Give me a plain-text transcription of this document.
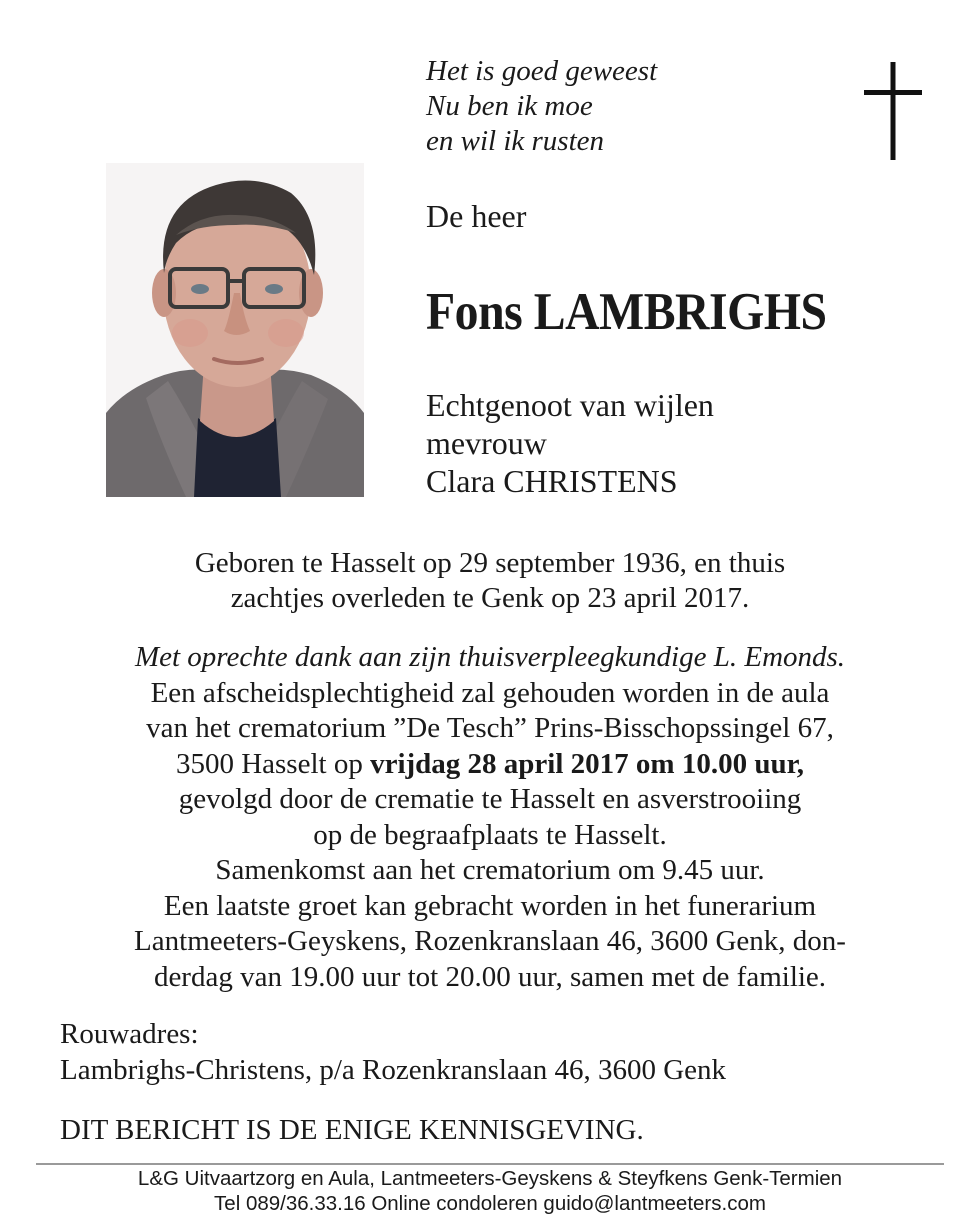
Het is goed geweest
Nu ben ik moe
en wil ik rusten
De heer
Fons LAMBRIGHS
Echtgenoot van wijlen
mevrouw
Clara CHRISTENS
Geboren te Hasselt op 29 september 1936, en thuis
zachtjes overleden te Genk op 23 april 2017.
Met oprechte dank aan zijn thuisverpleegkundige L. Emonds.
Een afscheidsplechtigheid zal gehouden worden in de aula
van het crematorium ”De Tesch” Prins-Bisschopssingel 67,
3500 Hasselt op vrijdag 28 april 2017 om 10.00 uur,
gevolgd door de crematie te Hasselt en asverstrooiing
op de begraafplaats te Hasselt.
Samenkomst aan het crematorium om 9.45 uur.
Een laatste groet kan gebracht worden in het funerarium
Lantmeeters-Geyskens, Rozenkranslaan 46, 3600 Genk, don-
derdag van 19.00 uur tot 20.00 uur, samen met de familie.
Rouwadres:
Lambrighs-Christens, p/a Rozenkranslaan 46, 3600 Genk
DIT BERICHT IS DE ENIGE KENNISGEVING.
L&G Uitvaartzorg en Aula, Lantmeeters-Geyskens & Steyfkens Genk-Termien
Tel 089/36.33.16 Online condoleren guido@lantmeeters.com
